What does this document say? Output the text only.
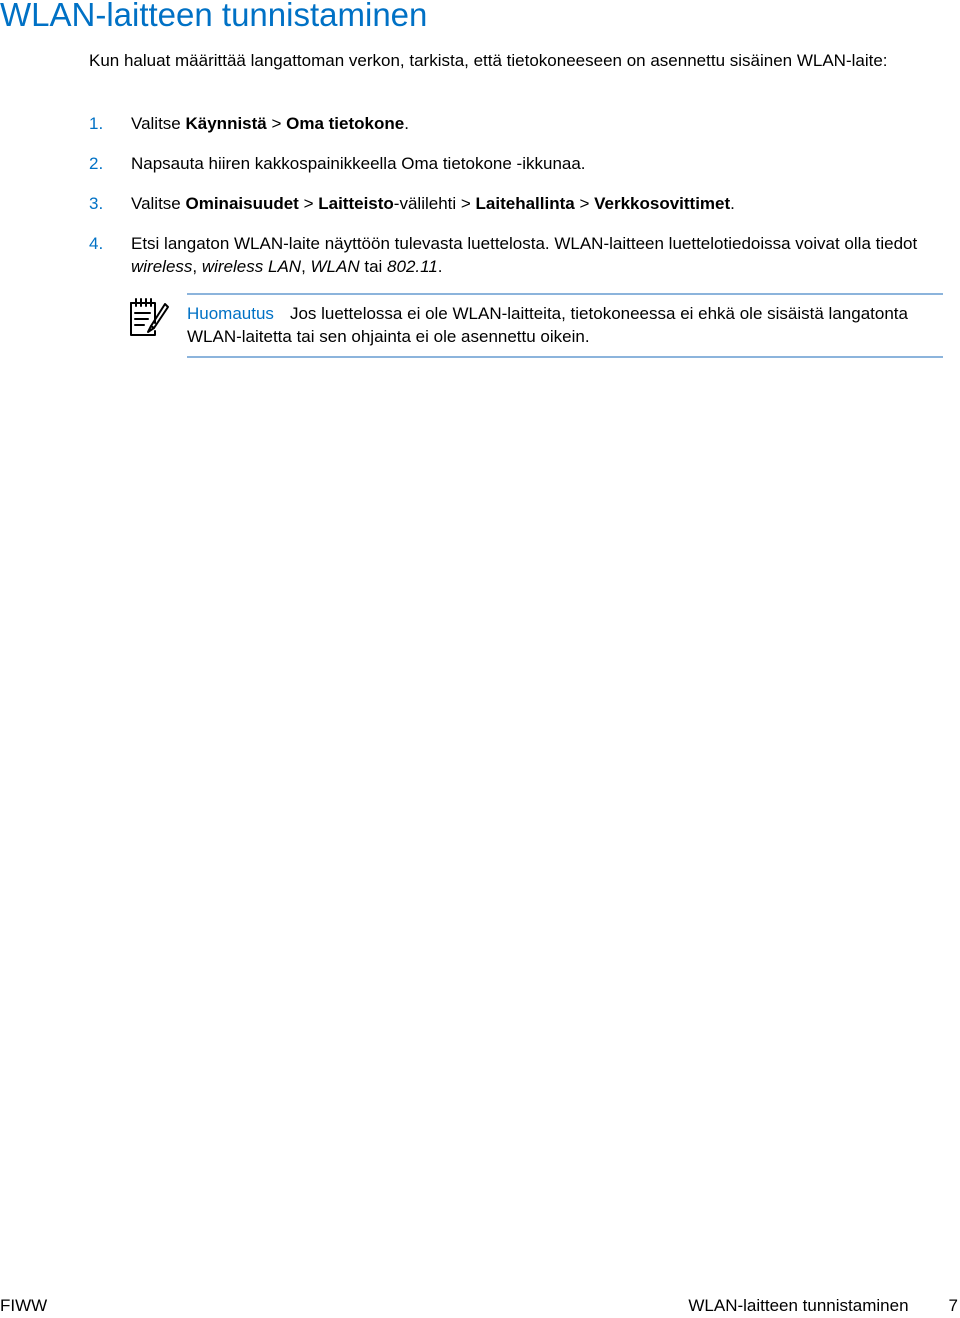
WLAN-laitteen tunnistaminen

Kun haluat määrittää langattoman verkon, tarkista, että tietokoneeseen on asennettu sisäinen WLAN-laite:

1. Valitse Käynnistä > Oma tietokone.
2. Napsauta hiiren kakkospainikkeella Oma tietokone -ikkunaa.
3. Valitse Ominaisuudet > Laitteisto-välilehti > Laitehallinta > Verkkosovittimet.
4. Etsi langaton WLAN-laite näyttöön tulevasta luettelosta. WLAN-laitteen luettelotiedoissa voivat olla tiedot wireless, wireless LAN, WLAN tai 802.11.
Huomautus Jos luettelossa ei ole WLAN-laitteita, tietokoneessa ei ehkä ole sisäistä langatonta WLAN-laitetta tai sen ohjainta ei ole asennettu oikein.
FIWW	WLAN-laitteen tunnistaminen 7
